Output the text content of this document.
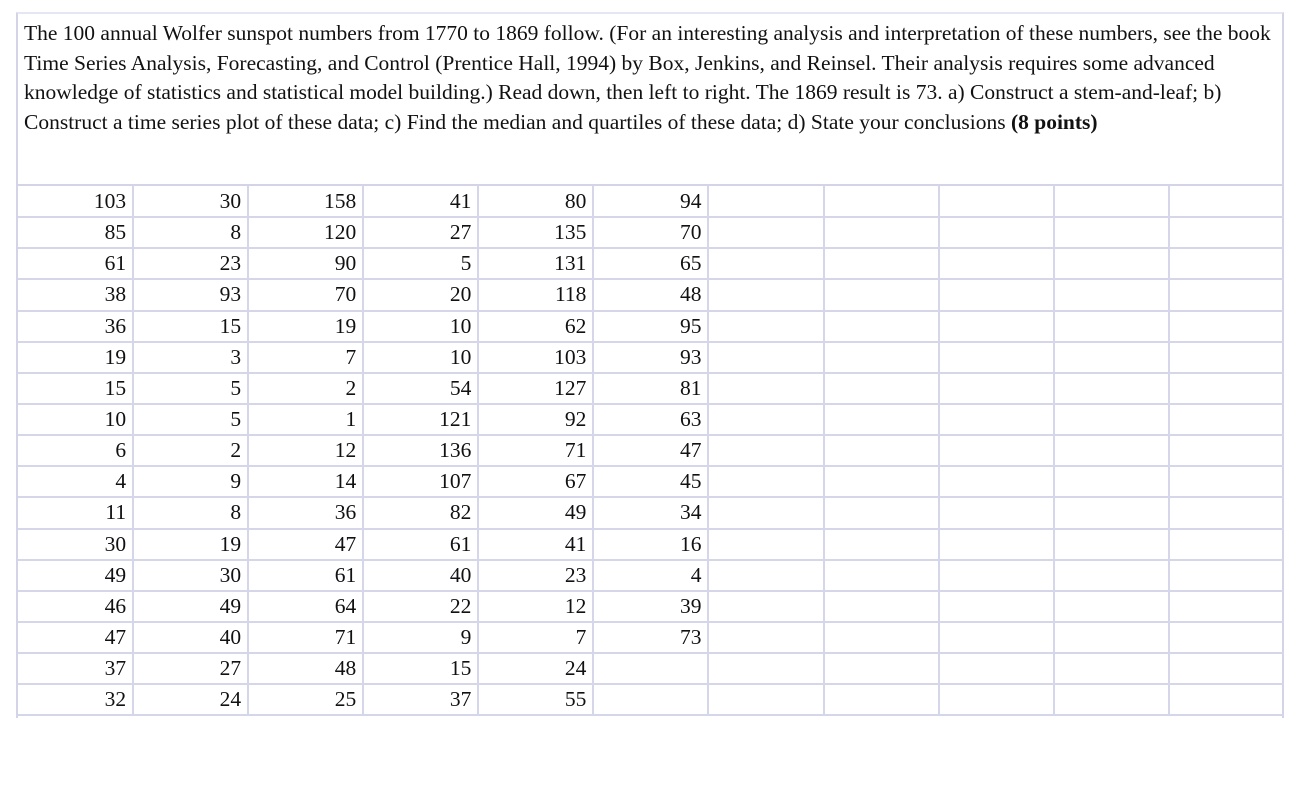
The 100 annual Wolfer sunspot numbers from 1770 to 1869 follow. (For an interesting analysis and interpretation of these numbers, see the book Time Series Analysis, Forecasting, and Control (Prentice Hall, 1994) by Box, Jenkins, and Reinsel. Their analysis requires some advanced knowledge of statistics and statistical model building.) Read down, then left to right. The 1869 result is 73. a) Construct a stem-and-leaf; b) Construct a time series plot of these data; c) Find the median and quartiles of these data; d) State your conclusions (8 points)
103	30	158	41	80	94					
85	8	120	27	135	70					
61	23	90	5	131	65					
38	93	70	20	118	48					
36	15	19	10	62	95					
19	3	7	10	103	93					
15	5	2	54	127	81					
10	5	1	121	92	63					
6	2	12	136	71	47					
4	9	14	107	67	45					
11	8	36	82	49	34					
30	19	47	61	41	16					
49	30	61	40	23	4					
46	49	64	22	12	39					
47	40	71	9	7	73					
37	27	48	15	24						
32	24	25	37	55						
